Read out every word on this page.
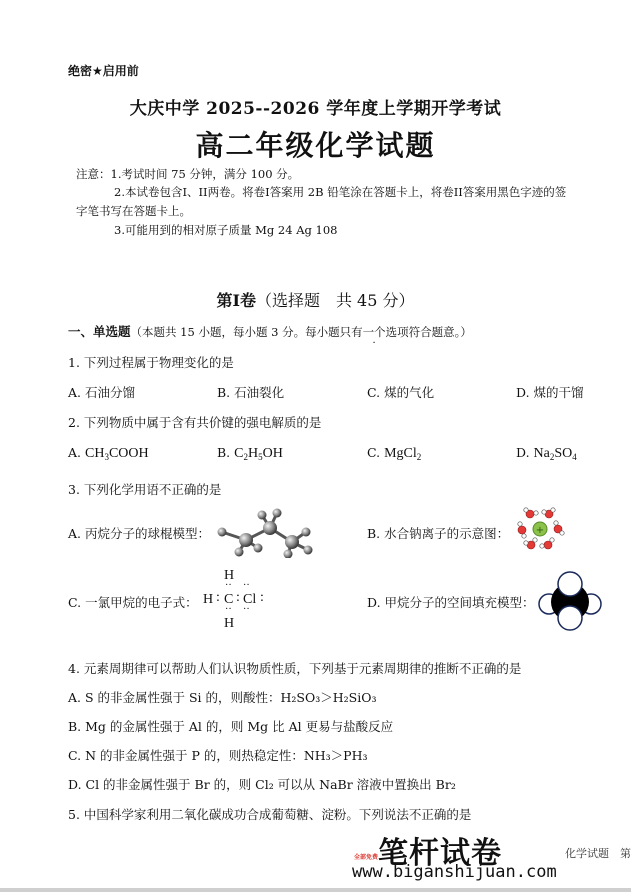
绝密★启用前
大庆中学 2025--2026 学年度上学期开学考试
高二年级化学试题
注意：1.考试时间 75 分钟，满分 100 分。
2.本试卷包含I、II两卷。将卷I答案用 2B 铅笔涂在答题卡上，将卷II答案用黑色字迹的签
字笔书写在答题卡上。
3.可能用到的相对原子质量 Mg 24 Ag 108
第I卷（选择题　共 45 分）
一、单选题（本题共 15 小题，每小题 3 分。每小题只有一个选项符合题意。）
1. 下列过程属于物理变化的是
A. 石油分馏	B. 石油裂化	C. 煤的气化	D. 煤的干馏
2. 下列物质中属于含有共价键的强电解质的是
A. $CH_3COOH$	B. $C_2H_5OH$	C. MgCl$_2$	D. $Na_2SO_4$
3. 下列化学用语不正确的是
A. 丙烷分子的球棍模型：	B. 水合钠离子的示意图：	+
C. 一氯甲烷的电子式：
H
··
H : C :
··
Cl :
··
··
H
D. 甲烷分子的空间填充模型：
4. 元素周期律可以帮助人们认识物质性质，下列基于元素周期律的推断不正确的是
A. S 的非金属性强于 Si 的，则酸性：H₂SO₃＞H₂SiO₃
B. Mg 的金属性强于 Al 的，则 Mg 比 Al 更易与盐酸反应
C. N 的非金属性强于 P 的，则热稳定性：NH₃＞PH₃
D. Cl 的非金属性强于 Br 的，则 Cl₂ 可以从 NaBr 溶液中置换出 Br₂
5. 中国科学家利用二氧化碳成功合成葡萄糖、淀粉。下列说法不正确的是
笔杆试卷
全部免费
www.biganshijuan.com
化学试题　第
